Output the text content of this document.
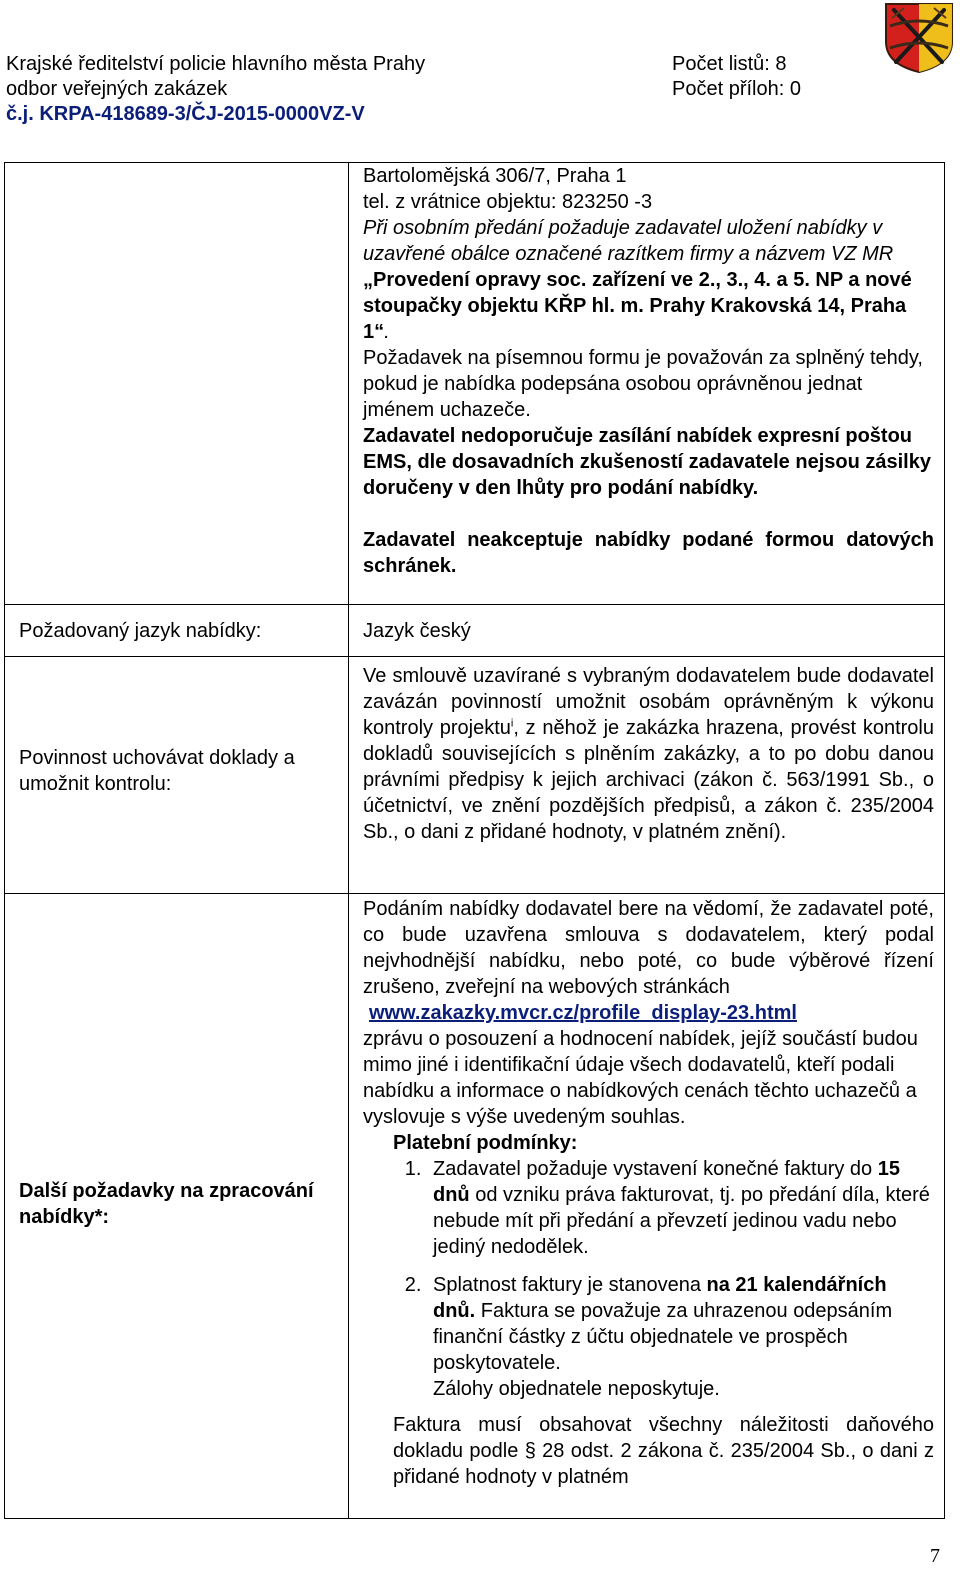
Krajské ředitelství policie hlavního města Prahy	Počet listů: 8
odbor veřejných zakázek	Počet příloh: 0
č.j. KRPA-418689-3/ČJ-2015-0000VZ-V
Bartolomějská 306/7, Praha 1
tel. z vrátnice objektu: 823250 -3
Při osobním předání požaduje zadavatel uložení nabídky v uzavřené obálce označené razítkem firmy a názvem VZ MR „Provedení opravy soc. zařízení ve 2., 3., 4. a 5. NP a nové stoupačky objektu KŘP hl. m. Prahy Krakovská 14, Praha 1“.
Požadavek na písemnou formu je považován za splněný tehdy, pokud je nabídka podepsána osobou oprávněnou jednat jménem uchazeče.
Zadavatel nedoporučuje zasílání nabídek expresní poštou EMS, dle dosavadních zkušeností zadavatele nejsou zásilky doručeny v den lhůty pro podání nabídky.
Zadavatel neakceptuje nabídky podané formou datových schránek.
Požadovaný jazyk nabídky:	Jazyk český
Povinnost uchovávat doklady a umožnit kontrolu:
Ve smlouvě uzavírané s vybraným dodavatelem bude dodavatel zavázán povinností umožnit osobám oprávněným k výkonu kontroly projektu$^i$, z něhož je zakázka hrazena, provést kontrolu dokladů souvisejících s plněním zakázky, a to po dobu danou právními předpisy k jejich archivaci (zákon č. 563/1991 Sb., o účetnictví, ve znění pozdějších předpisů, a zákon č. 235/2004 Sb., o dani z přidané hodnoty, v platném znění).
Další požadavky na zpracování nabídky*:
Podáním nabídky dodavatel bere na vědomí, že zadavatel poté, co bude uzavřena smlouva s dodavatelem, který podal nejvhodnější nabídku, nebo poté, co bude výběrové řízení zrušeno, zveřejní na webových stránkách
www.zakazky.mvcr.cz/profile_display-23.html
zprávu o posouzení a hodnocení nabídek, jejíž součástí budou mimo jiné i identifikační údaje všech dodavatelů, kteří podali nabídku a informace o nabídkových cenách těchto uchazečů a vyslovuje s výše uvedeným souhlas.
Platební podmínky:
1. Zadavatel požaduje vystavení konečné faktury do 15 dnů od vzniku práva fakturovat, tj. po předání díla, které nebude mít při předání a převzetí jedinou vadu nebo jediný nedodělek.
2. Splatnost faktury je stanovena na 21 kalendářních dnů. Faktura se považuje za uhrazenou odepsáním finanční částky z účtu objednatele ve prospěch poskytovatele.
Zálohy objednatele neposkytuje.
Faktura musí obsahovat všechny náležitosti daňového dokladu podle § 28 odst. 2 zákona č. 235/2004 Sb., o dani z přidané hodnoty v platném
7
